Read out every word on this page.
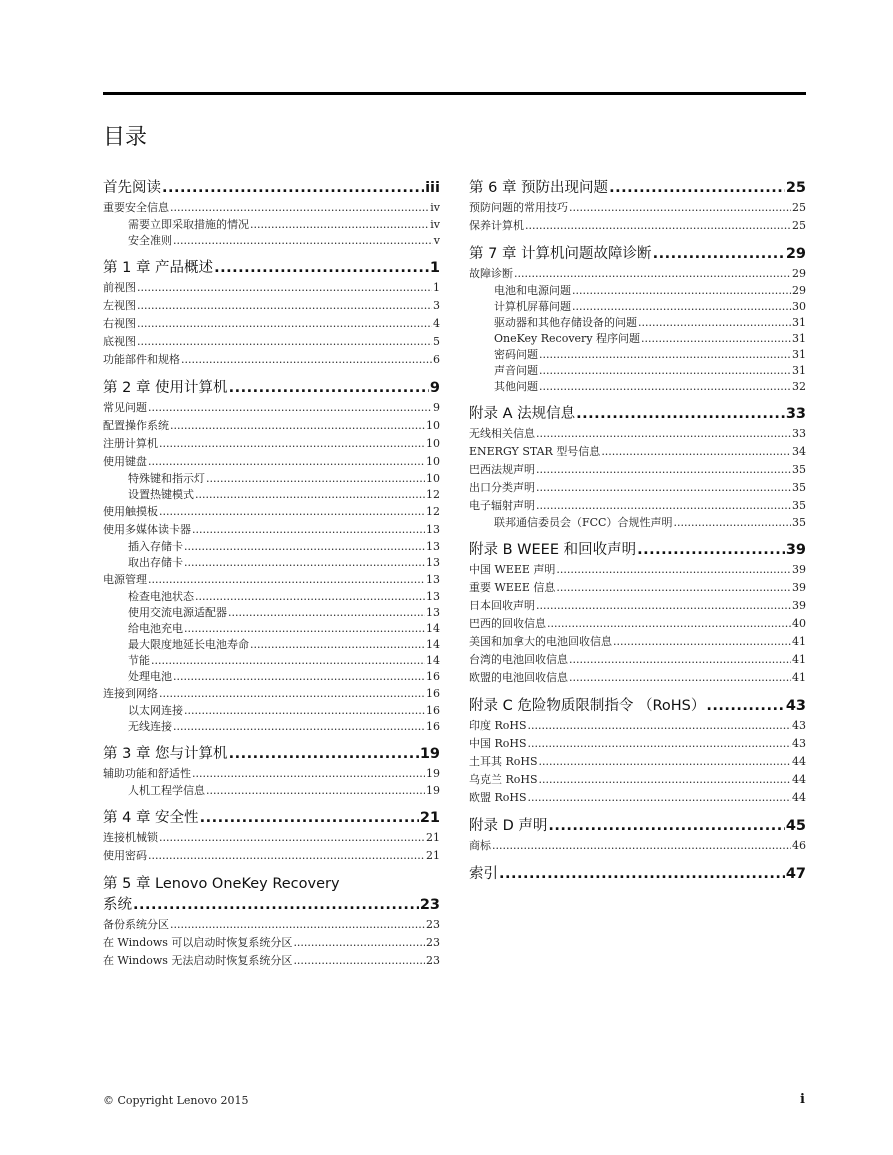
目录
首先阅读 .....	iii
重要安全信息 .....	iv
需要立即采取措施的情况 .....	iv
安全准则 .....	v
第 1 章 产品概述 .....	1
前视图 .....	1
左视图 .....	3
右视图 .....	4
底视图 .....	5
功能部件和规格 .....	6
第 2 章 使用计算机 .....	9
常见问题 .....	9
配置操作系统 .....	10
注册计算机 .....	10
使用键盘 .....	10
特殊键和指示灯 .....	10
设置热键模式 .....	12
使用触摸板 .....	12
使用多媒体读卡器 .....	13
插入存储卡 .....	13
取出存储卡 .....	13
电源管理 .....	13
检查电池状态 .....	13
使用交流电源适配器 .....	13
给电池充电 .....	14
最大限度地延长电池寿命 .....	14
节能 .....	14
处理电池 .....	16
连接到网络 .....	16
以太网连接 .....	16
无线连接 .....	16
第 3 章 您与计算机 .....	19
辅助功能和舒适性 .....	19
人机工程学信息 .....	19
第 4 章 安全性 .....	21
连接机械锁 .....	21
使用密码 .....	21
第 5 章 Lenovo OneKey Recovery
系统 .....	23
备份系统分区 .....	23
在 Windows 可以启动时恢复系统分区 .....	23
在 Windows 无法启动时恢复系统分区 .....	23
第 6 章 预防出现问题 .....	25
预防问题的常用技巧 .....	25
保养计算机 .....	25
第 7 章 计算机问题故障诊断 .....	29
故障诊断 .....	29
电池和电源问题 .....	29
计算机屏幕问题 .....	30
驱动器和其他存储设备的问题 .....	31
OneKey Recovery 程序问题 .....	31
密码问题 .....	31
声音问题 .....	31
其他问题 .....	32
附录 A 法规信息 .....	33
无线相关信息 .....	33
ENERGY STAR 型号信息 .....	34
巴西法规声明 .....	35
出口分类声明 .....	35
电子辐射声明 .....	35
联邦通信委员会（FCC）合规性声明 .....	35
附录 B WEEE 和回收声明 .....	39
中国 WEEE 声明 .....	39
重要 WEEE 信息 .....	39
日本回收声明 .....	39
巴西的回收信息 .....	40
美国和加拿大的电池回收信息 .....	41
台湾的电池回收信息 .....	41
欧盟的电池回收信息 .....	41
附录 C 危险物质限制指令 （RoHS） .....	43
印度 RoHS .....	43
中国 RoHS .....	43
土耳其 RoHS .....	44
乌克兰 RoHS .....	44
欧盟 RoHS .....	44
附录 D 声明 .....	45
商标 .....	46
索引 .....	47
© Copyright Lenovo 2015	i
